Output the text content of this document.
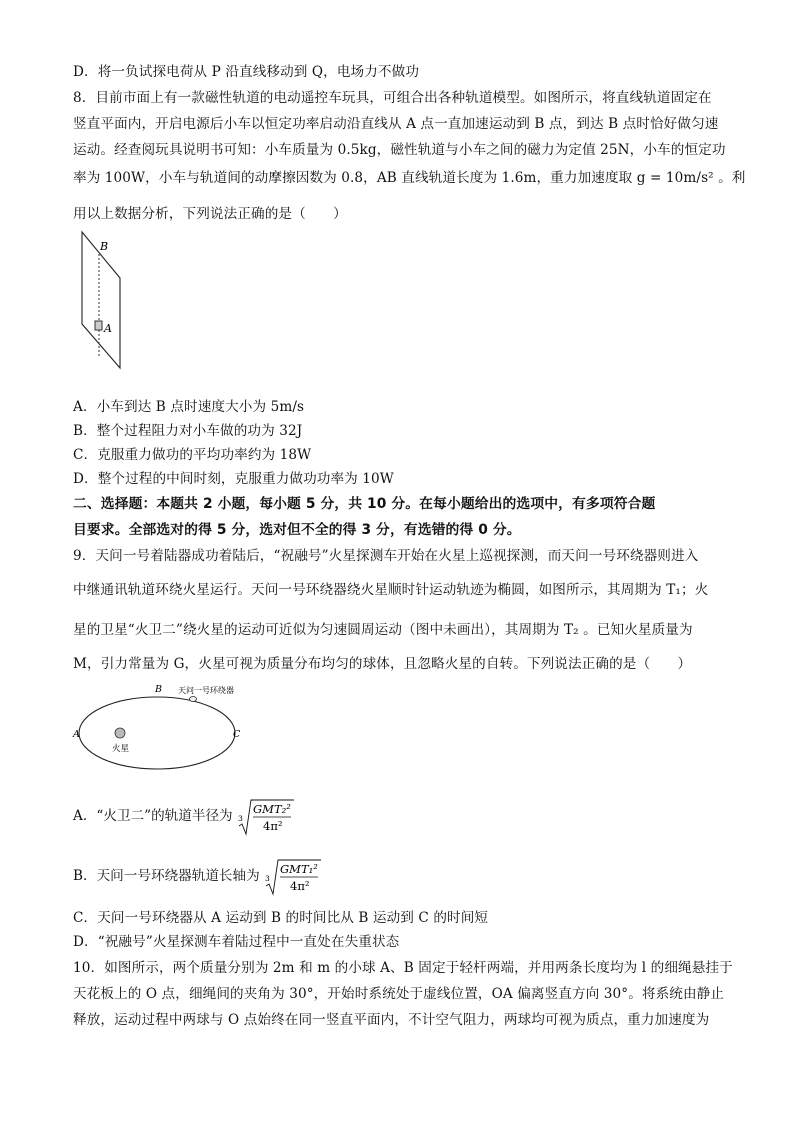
D．将一负试探电荷从 P 沿直线移动到 Q，电场力不做功
8．目前市面上有一款磁性轨道的电动遥控车玩具，可组合出各种轨道模型。如图所示，将直线轨道固定在
竖直平面内，开启电源后小车以恒定功率启动沿直线从 A 点一直加速运动到 B 点，到达 B 点时恰好做匀速
运动。经查阅玩具说明书可知：小车质量为 0.5kg，磁性轨道与小车之间的磁力为定值 25N，小车的恒定功
率为 100W，小车与轨道间的动摩擦因数为 0.8，AB 直线轨道长度为 1.6m，重力加速度取 g = 10m/s² 。利
用以上数据分析，下列说法正确的是（　　）
B
A
A．小车到达 B 点时速度大小为 5m/s
B．整个过程阻力对小车做的功为 32J
C．克服重力做功的平均功率约为 18W
D．整个过程的中间时刻，克服重力做功功率为 10W
二、选择题：本题共 2 小题，每小题 5 分，共 10 分。在每小题给出的选项中，有多项符合题
目要求。全部选对的得 5 分，选对但不全的得 3 分，有选错的得 0 分。
9．天问一号着陆器成功着陆后，“祝融号”火星探测车开始在火星上巡视探测，而天问一号环绕器则进入
中继通讯轨道环绕火星运行。天问一号环绕器绕火星顺时针运动轨迹为椭圆，如图所示，其周期为 T₁；火
星的卫星“火卫二”绕火星的运动可近似为匀速圆周运动（图中未画出），其周期为 T₂ 。已知火星质量为
M，引力常量为 G，火星可视为质量分布均匀的球体，且忽略火星的自转。下列说法正确的是（　　）
A
B
C
火星
天问一号环绕器
A．“火卫二”的轨道半径为 3
GMT₂²
4π²
B．天问一号环绕器轨道长轴为 3
GMT₁²
4π²
C．天问一号环绕器从 A 运动到 B 的时间比从 B 运动到 C 的时间短
D．“祝融号”火星探测车着陆过程中一直处在失重状态
10．如图所示，两个质量分别为 2m 和 m 的小球 A、B 固定于轻杆两端，并用两条长度均为 l 的细绳悬挂于
天花板上的 O 点，细绳间的夹角为 30°，开始时系统处于虚线位置，OA 偏离竖直方向 30°。将系统由静止
释放，运动过程中两球与 O 点始终在同一竖直平面内，不计空气阻力，两球均可视为质点，重力加速度为
